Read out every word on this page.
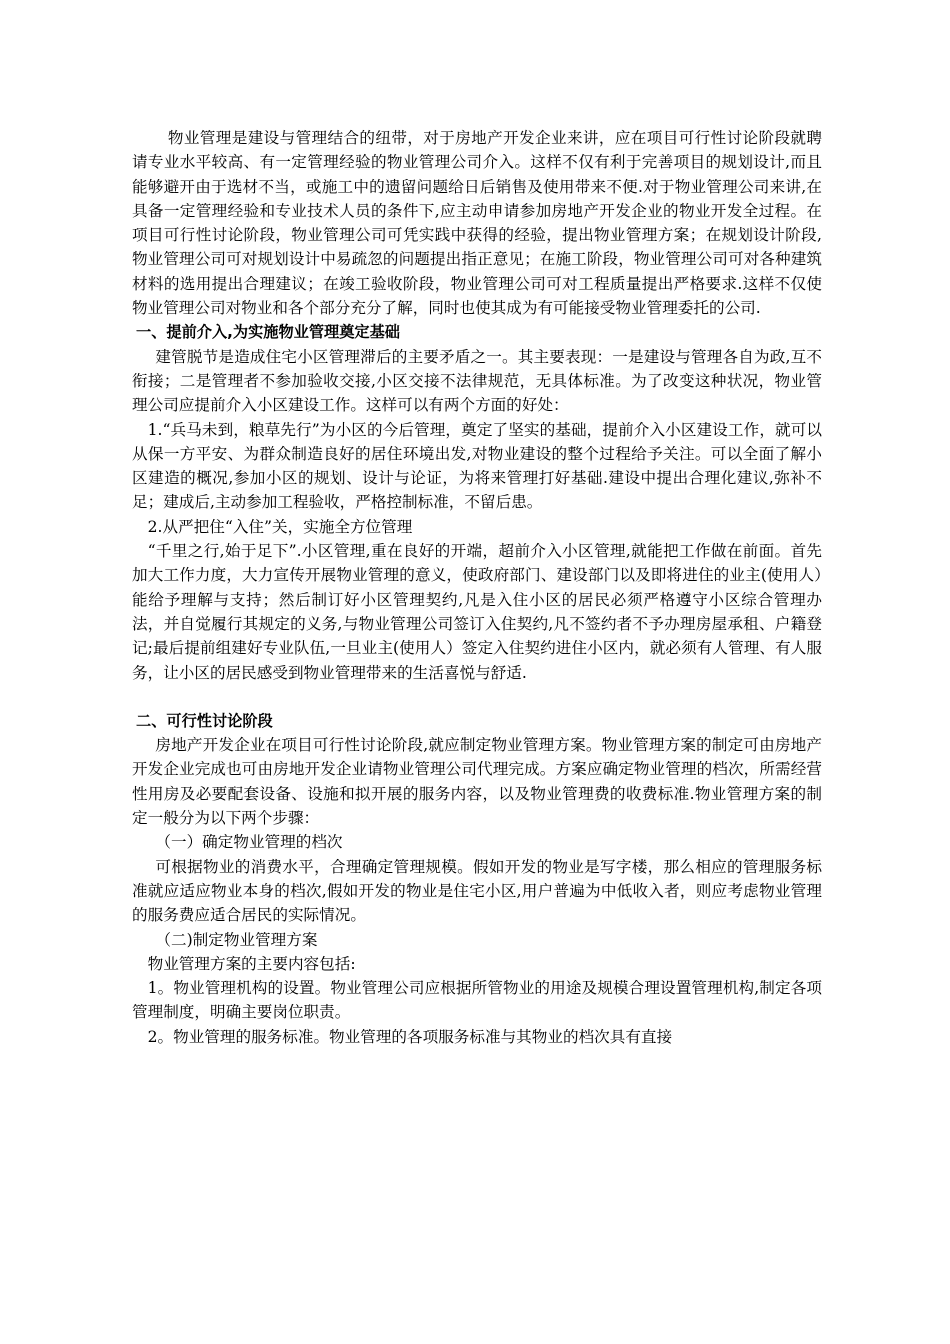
物业管理是建设与管理结合的纽带，对于房地产开发企业来讲，应在项目可行性讨论阶段就聘请专业水平较高、有一定管理经验的物业管理公司介入。这样不仅有利于完善项目的规划设计,而且能够避开由于选材不当，或施工中的遗留问题给日后销售及使用带来不便.对于物业管理公司来讲,在具备一定管理经验和专业技术人员的条件下,应主动申请参加房地产开发企业的物业开发全过程。在项目可行性讨论阶段，物业管理公司可凭实践中获得的经验，提出物业管理方案；在规划设计阶段,物业管理公司可对规划设计中易疏忽的问题提出指正意见；在施工阶段，物业管理公司可对各种建筑材料的选用提出合理建议；在竣工验收阶段，物业管理公司可对工程质量提出严格要求.这样不仅使物业管理公司对物业和各个部分充分了解，同时也使其成为有可能接受物业管理委托的公司.

一、提前介入,为实施物业管理奠定基础

建管脱节是造成住宅小区管理滞后的主要矛盾之一。其主要表现：一是建设与管理各自为政,互不衔接；二是管理者不参加验收交接,小区交接不法律规范，无具体标准。为了改变这种状况，物业管理公司应提前介入小区建设工作。这样可以有两个方面的好处：

1.“兵马未到，粮草先行”为小区的今后管理，奠定了坚实的基础，提前介入小区建设工作，就可以从保一方平安、为群众制造良好的居住环境出发,对物业建设的整个过程给予关注。可以全面了解小区建造的概况,参加小区的规划、设计与论证，为将来管理打好基础.建设中提出合理化建议,弥补不足；建成后,主动参加工程验收，严格控制标准，不留后患。

2.从严把住“入住”关，实施全方位管理

“千里之行,始于足下”.小区管理,重在良好的开端，超前介入小区管理,就能把工作做在前面。首先加大工作力度，大力宣传开展物业管理的意义，使政府部门、建设部门以及即将进住的业主(使用人）能给予理解与支持；然后制订好小区管理契约,凡是入住小区的居民必须严格遵守小区综合管理办法，并自觉履行其规定的义务,与物业管理公司签订入住契约,凡不签约者不予办理房屋承租、户籍登记;最后提前组建好专业队伍,一旦业主(使用人）签定入住契约进住小区内，就必须有人管理、有人服务，让小区的居民感受到物业管理带来的生活喜悦与舒适.

二、可行性讨论阶段

房地产开发企业在项目可行性讨论阶段,就应制定物业管理方案。物业管理方案的制定可由房地产开发企业完成也可由房地开发企业请物业管理公司代理完成。方案应确定物业管理的档次，所需经营性用房及必要配套设备、设施和拟开展的服务内容，以及物业管理费的收费标准.物业管理方案的制定一般分为以下两个步骤：

（一）确定物业管理的档次

可根据物业的消费水平，合理确定管理规模。假如开发的物业是写字楼，那么相应的管理服务标准就应适应物业本身的档次,假如开发的物业是住宅小区,用户普遍为中低收入者，则应考虑物业管理的服务费应适合居民的实际情况。

（二)制定物业管理方案

物业管理方案的主要内容包括:

1。物业管理机构的设置。物业管理公司应根据所管物业的用途及规模合理设置管理机构,制定各项管理制度，明确主要岗位职责。

2。物业管理的服务标准。物业管理的各项服务标准与其物业的档次具有直接
